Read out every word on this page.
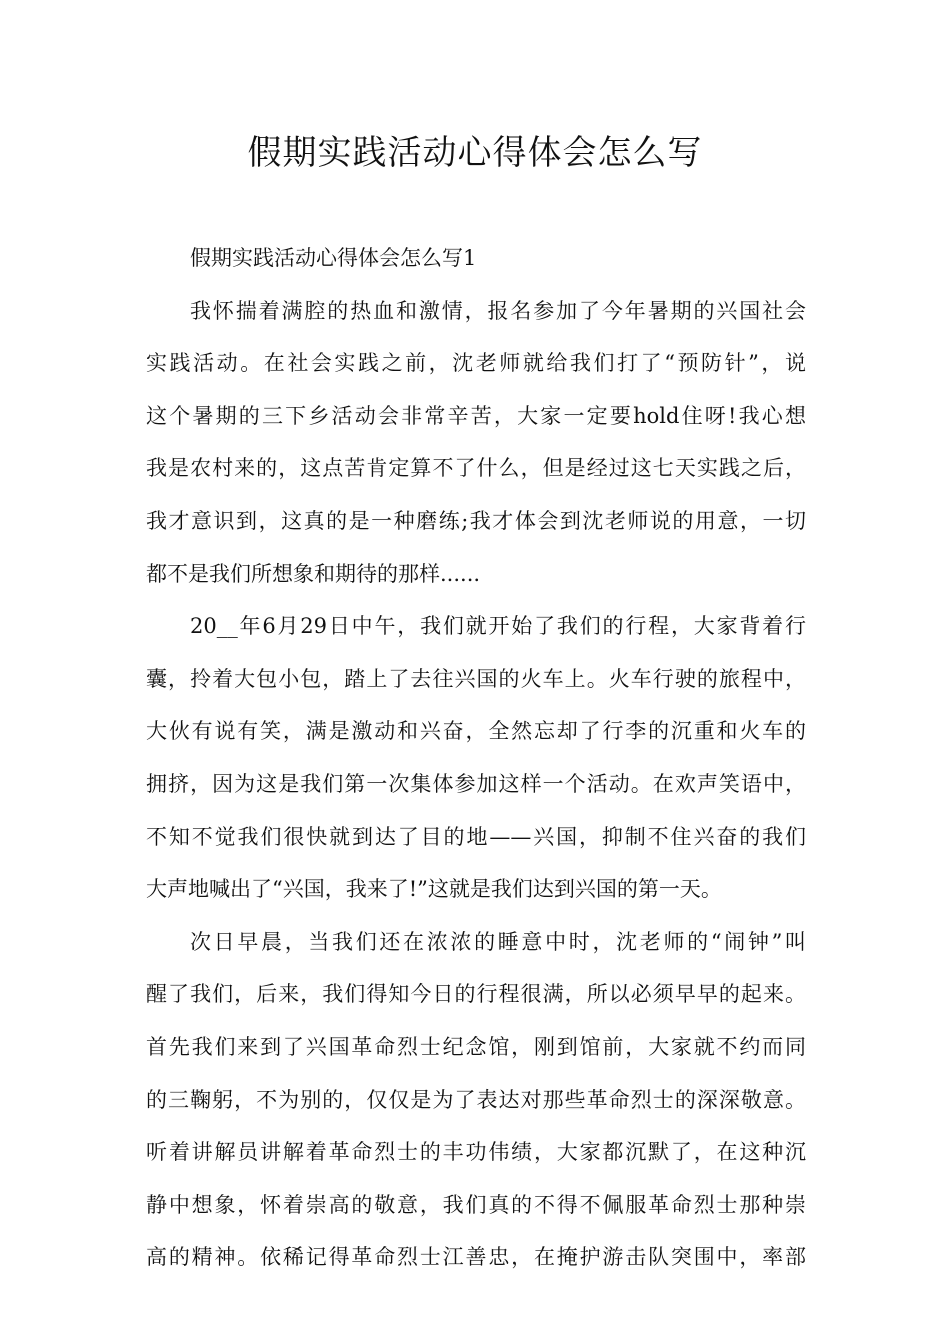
假期实践活动心得体会怎么写
假期实践活动心得体会怎么写1
我怀揣着满腔的热血和激情，报名参加了今年暑期的兴国社会
实践活动。在社会实践之前，沈老师就给我们打了“预防针”，说
这个暑期的三下乡活动会非常辛苦，大家一定要hold住呀!我心想
我是农村来的，这点苦肯定算不了什么，但是经过这七天实践之后，
我才意识到，这真的是一种磨练;我才体会到沈老师说的用意，一切
都不是我们所想象和期待的那样......
20__年6月29日中午，我们就开始了我们的行程，大家背着行
囊，拎着大包小包，踏上了去往兴国的火车上。火车行驶的旅程中，
大伙有说有笑，满是激动和兴奋，全然忘却了行李的沉重和火车的
拥挤，因为这是我们第一次集体参加这样一个活动。在欢声笑语中，
不知不觉我们很快就到达了目的地——兴国，抑制不住兴奋的我们
大声地喊出了“兴国，我来了!”这就是我们达到兴国的第一天。
次日早晨，当我们还在浓浓的睡意中时，沈老师的“闹钟”叫
醒了我们，后来，我们得知今日的行程很满，所以必须早早的起来。
首先我们来到了兴国革命烈士纪念馆，刚到馆前，大家就不约而同
的三鞠躬，不为别的，仅仅是为了表达对那些革命烈士的深深敬意。
听着讲解员讲解着革命烈士的丰功伟绩，大家都沉默了，在这种沉
静中想象，怀着崇高的敬意，我们真的不得不佩服革命烈士那种崇
高的精神。依稀记得革命烈士江善忠，在掩护游击队突围中，率部
